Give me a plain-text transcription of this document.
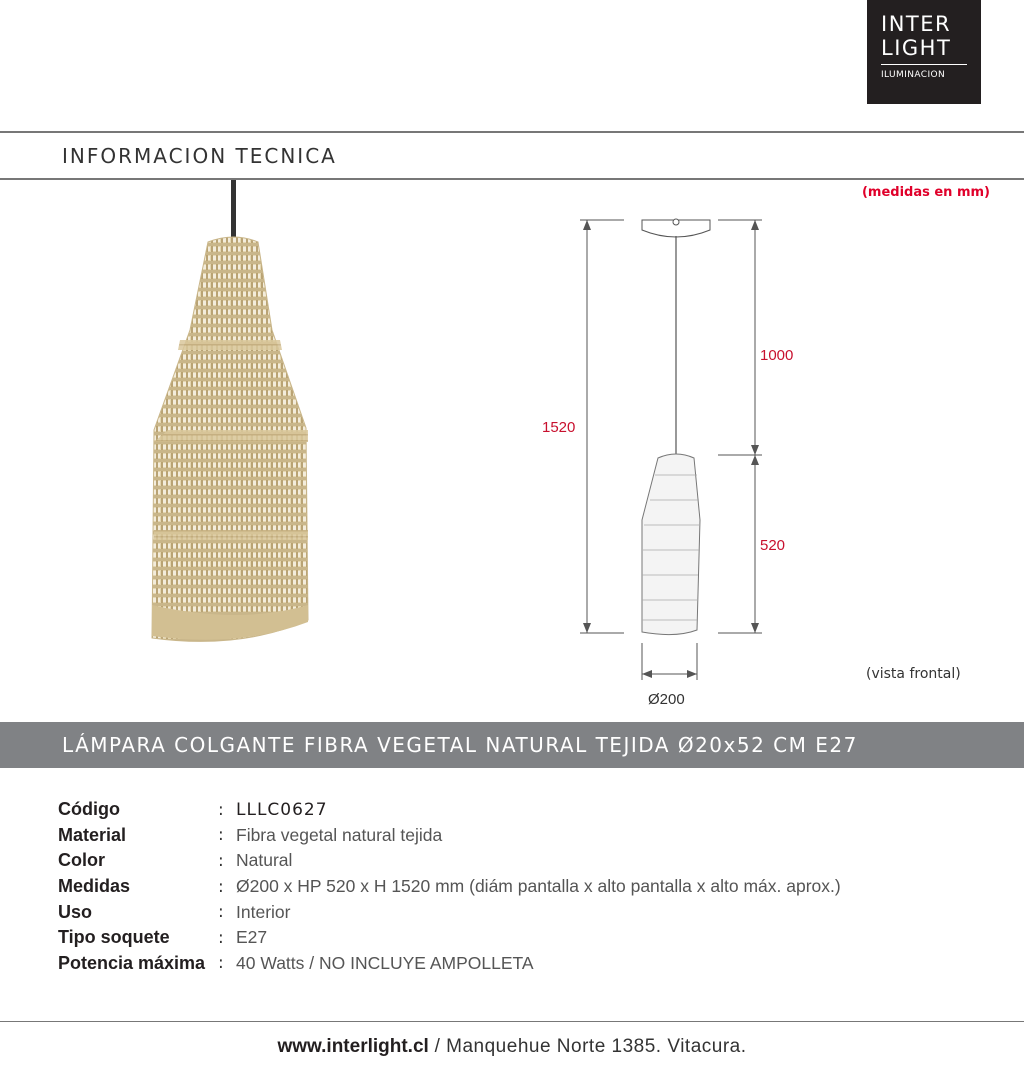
INTER
LIGHT
ILUMINACION
INFORMACION TECNICA
(medidas en mm)
1520
1000
520
Ø200
(vista frontal)
LÁMPARA COLGANTE FIBRA VEGETAL NATURAL TEJIDA Ø20x52 CM E27
Código	: LLLC0627
Material	: Fibra vegetal natural tejida
Color	: Natural
Medidas	: Ø200 x HP 520 x H 1520 mm (diám pantalla x alto pantalla x alto máx. aprox.)
Uso	: Interior
Tipo soquete	: E27
Potencia máxima : 40 Watts / NO INCLUYE AMPOLLETA
www.interlight.cl / Manquehue Norte 1385. Vitacura.
